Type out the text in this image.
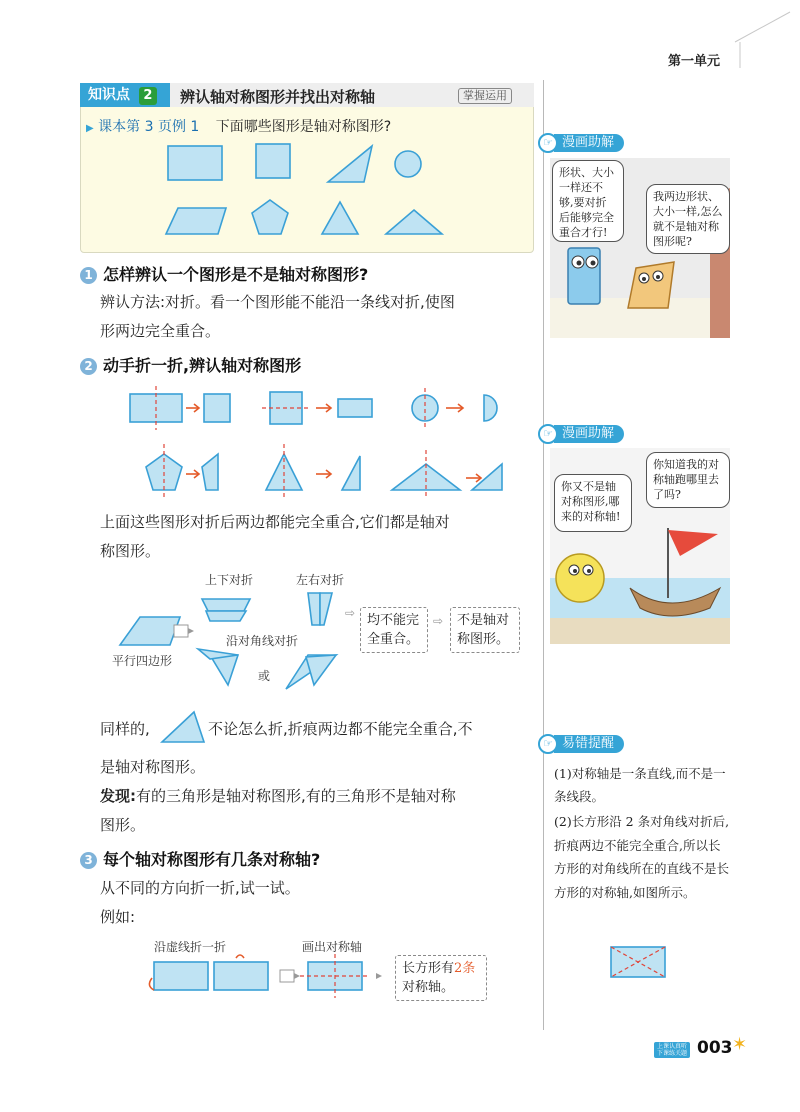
第一单元
知识点 2	辨认轴对称图形并找出对称轴	掌握运用
▶ 课本第 3 页例 1 下面哪些图形是轴对称图形?
1 怎样辨认一个图形是不是轴对称图形?
辨认方法:对折。看一个图形能不能沿一条线对折,使图
形两边完全重合。
2 动手折一折,辨认轴对称图形
上面这些图形对折后两边都能完全重合,它们都是轴对
称图形。
上下对折	左右对折
沿对角线对折
或
平行四边形
⇨ 均不能完全重合。
⇨	不是轴对称图形。
同样的,	不论怎么折,折痕两边都不能完全重合,不
是轴对称图形。
发现:有的三角形是轴对称图形,有的三角形不是轴对称
图形。
3 每个轴对称图形有几条对称轴?
从不同的方向折一折,试一试。
例如:
沿虚线折一折	画出对称轴
长方形有2条
对称轴。
☞ 漫画助解
形状、大小一样还不够,要对折后能够完全重合才行!
我两边形状、大小一样,怎么就不是轴对称图形呢?
☞ 漫画助解
你又不是轴对称图形,哪来的对称轴!
你知道我的对称轴跑哪里去了吗?
☞ 易错提醒
(1)对称轴是一条直线,而不是一条线段。
(2)长方形沿 2 条对角线对折后,折痕两边不能完全重合,所以长方形的对角线所在的直线不是长方形的对称轴,如图所示。
上课认真听
下课练关题 003 ✶
